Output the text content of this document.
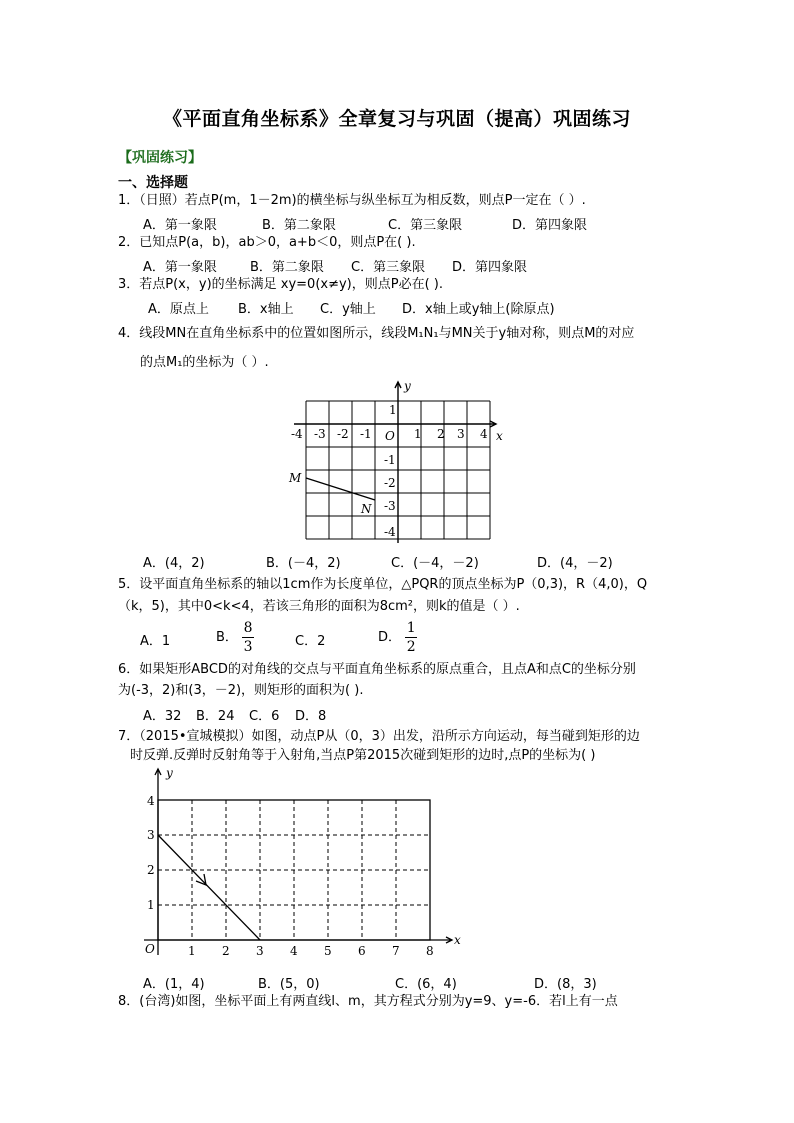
《平面直角坐标系》全章复习与巩固（提高）巩固练习
【巩固练习】
一、选择题
1．（日照）若点P(m，1－2m)的横坐标与纵坐标互为相反数，则点P一定在（ ）.
A．第一象限	B．第二象限	C．第三象限	D．第四象限
2．已知点P(a，b)，ab＞0，a+b＜0，则点P在( ).
A．第一象限	B．第二象限 C．第三象限 D．第四象限
3．若点P(x，y)的坐标满足 xy=0(x≠y)，则点P必在( ).
A．原点上 B．x轴上 C．y轴上 D．x轴上或y轴上(除原点)
4．线段MN在直角坐标系中的位置如图所示，线段M₁N₁与MN关于y轴对称，则点M的对应
的点M₁的坐标为（ ）.
x
y
O
-4 -3 -2 -1	1 2 3 4
1
-1
-2
-3
-4
M
N
A．(4，2)	B．(－4，2)	C．(－4，－2)	D．(4，－2)
5．设平面直角坐标系的轴以1cm作为长度单位，△PQR的顶点坐标为P（0,3)，R（4,0)，Q
（k，5)，其中0<k<4，若该三角形的面积为8cm²，则k的值是（ ）.
A．1	B． $\frac{8}{3}$	C．2	D． $\frac{1}{2}$
6．如果矩形ABCD的对角线的交点与平面直角坐标系的原点重合，且点A和点C的坐标分别
为(-3，2)和(3，－2)，则矩形的面积为( ).
A．32 B．24 C．6 D．8
7．（2015•宣城模拟）如图，动点P从（0，3）出发，沿所示方向运动，每当碰到矩形的边
时反弹.反弹时反射角等于入射角,当点P第2015次碰到矩形的边时,点P的坐标为( )
x
y
O	1 2 3 4 5 6 7 8
1
2
3
4
A．(1，4)	B．(5，0)	C．(6，4)	D．(8，3)
8．(台湾)如图，坐标平面上有两直线l、m，其方程式分别为y=9、y=-6．若l上有一点
